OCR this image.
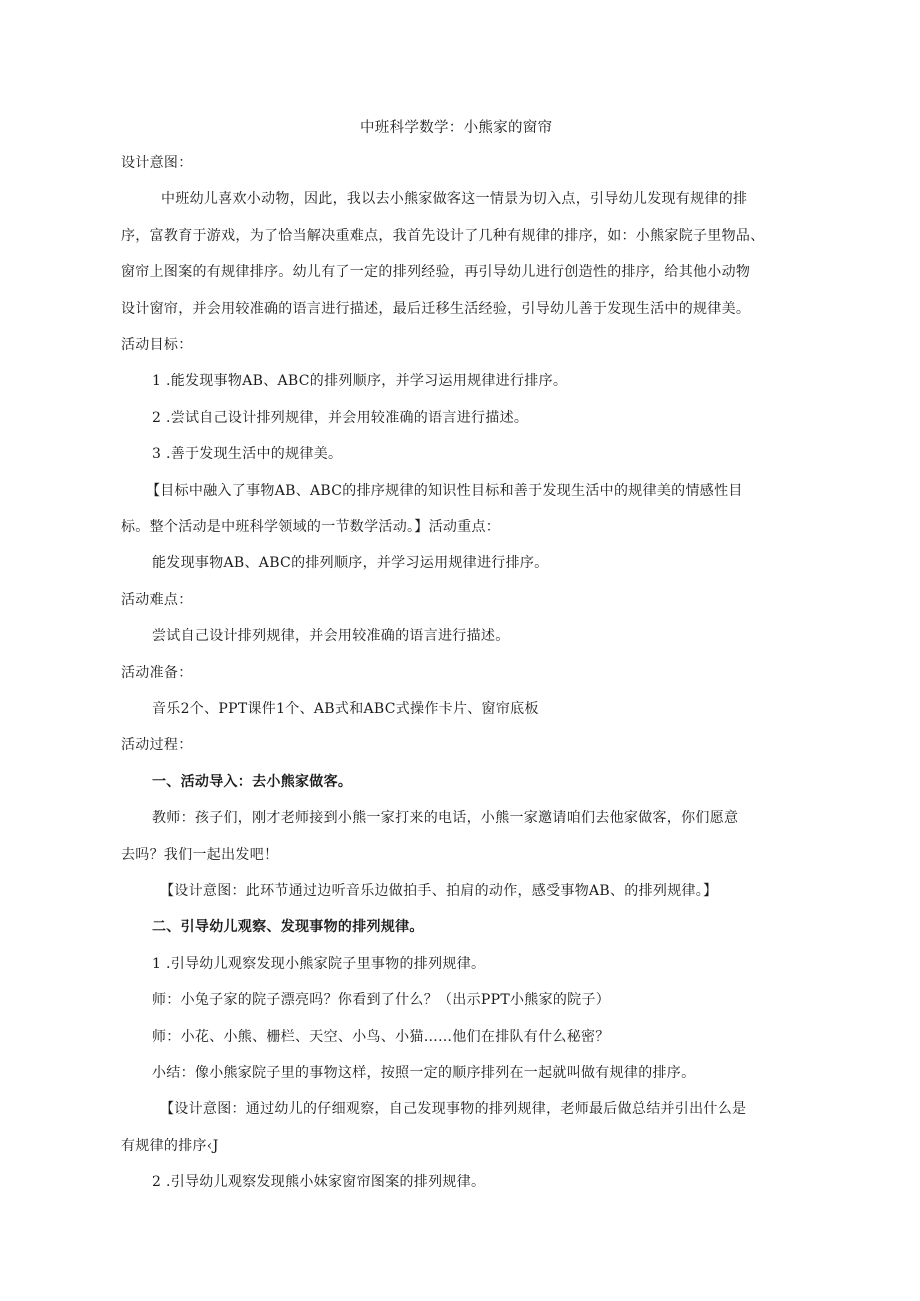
中班科学数学：小熊家的窗帘
设计意图：
中班幼儿喜欢小动物，因此，我以去小熊家做客这一情景为切入点，引导幼儿发现有规律的排
序，富教育于游戏，为了恰当解决重难点，我首先设计了几种有规律的排序，如：小熊家院子里物品、
窗帘上图案的有规律排序。幼儿有了一定的排列经验，再引导幼儿进行创造性的排序，给其他小动物
设计窗帘，并会用较准确的语言进行描述，最后迁移生活经验，引导幼儿善于发现生活中的规律美。
活动目标：
1 .能发现事物AB、ABC的排列顺序，并学习运用规律进行排序。
2 .尝试自己设计排列规律，并会用较准确的语言进行描述。
3 .善于发现生活中的规律美。
【目标中融入了事物AB、ABC的排序规律的知识性目标和善于发现生活中的规律美的情感性目
标。整个活动是中班科学领域的一节数学活动。】活动重点：
能发现事物AB、ABC的排列顺序，并学习运用规律进行排序。
活动难点：
尝试自己设计排列规律，并会用较准确的语言进行描述。
活动准备：
音乐2个、PPT课件1个、AB式和ABC式操作卡片、窗帘底板
活动过程：
一、活动导入：去小熊家做客。
教师：孩子们，刚才老师接到小熊一家打来的电话，小熊一家邀请咱们去他家做客，你们愿意
去吗？我们一起出发吧！
【设计意图：此环节通过边听音乐边做拍手、拍肩的动作，感受事物AB、的排列规律。】
二、引导幼儿观察、发现事物的排列规律。
1 .引导幼儿观察发现小熊家院子里事物的排列规律。
师：小兔子家的院子漂亮吗？你看到了什么？（出示PPT小熊家的院子）
师：小花、小熊、栅栏、天空、小鸟、小猫……他们在排队有什么秘密？
小结：像小熊家院子里的事物这样，按照一定的顺序排列在一起就叫做有规律的排序。
【设计意图：通过幼儿的仔细观察，自己发现事物的排列规律，老师最后做总结并引出什么是
有规律的排序‹J
2 .引导幼儿观察发现熊小妹家窗帘图案的排列规律。
